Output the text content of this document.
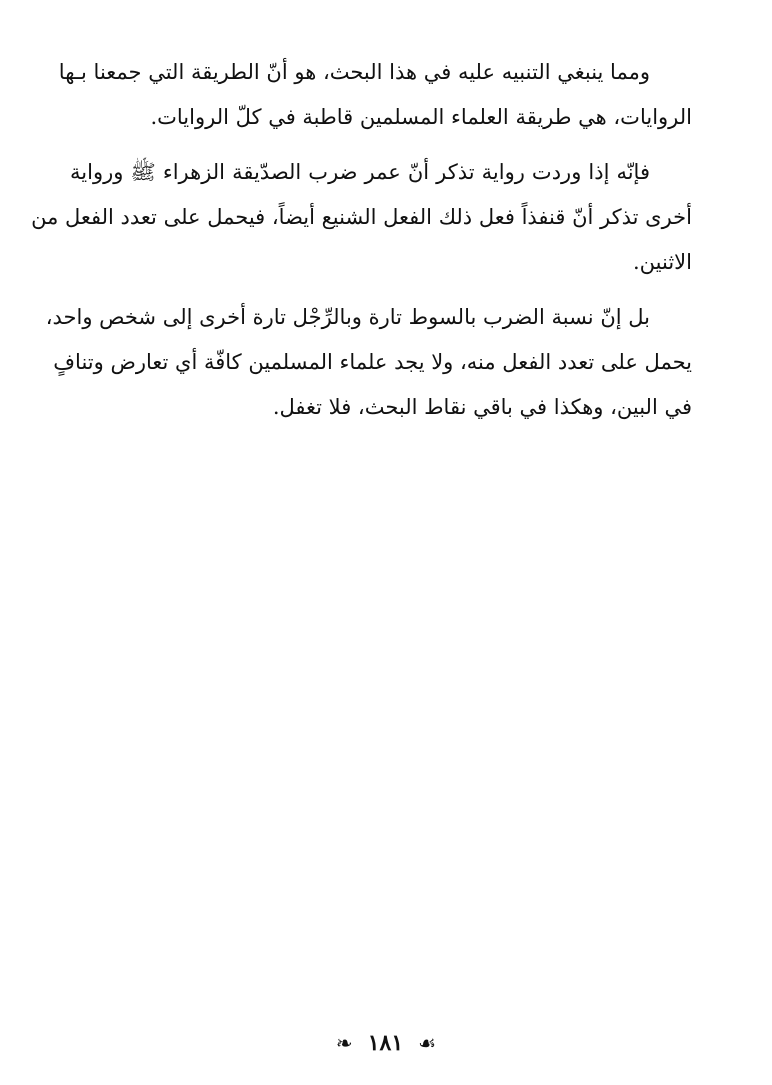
ومما ينبغي التنبيه عليه في هذا البحث، هو أنّ الطريقة التي جمعنا بـها
الروايات، هي طريقة العلماء المسلمين قاطبة في كلّ الروايات.
فإنّه إذا وردت رواية تذكر أنّ عمر ضرب الصدّيقة الزهراء ﷺ ورواية
أخرى تذكر أنّ قنفذاً فعل ذلك الفعل الشنيع أيضاً، فيحمل على تعدد الفعل من
الاثنين.
بل إنّ نسبة الضرب بالسوط تارة وبالرِّجْل تارة أخرى إلى شخص واحد،
يحمل على تعدد الفعل منه، ولا يجد علماء المسلمين كافّة أي تعارض وتنافٍ
في البين، وهكذا في باقي نقاط البحث، فلا تغفل.
☙ ١٨١ ❧
